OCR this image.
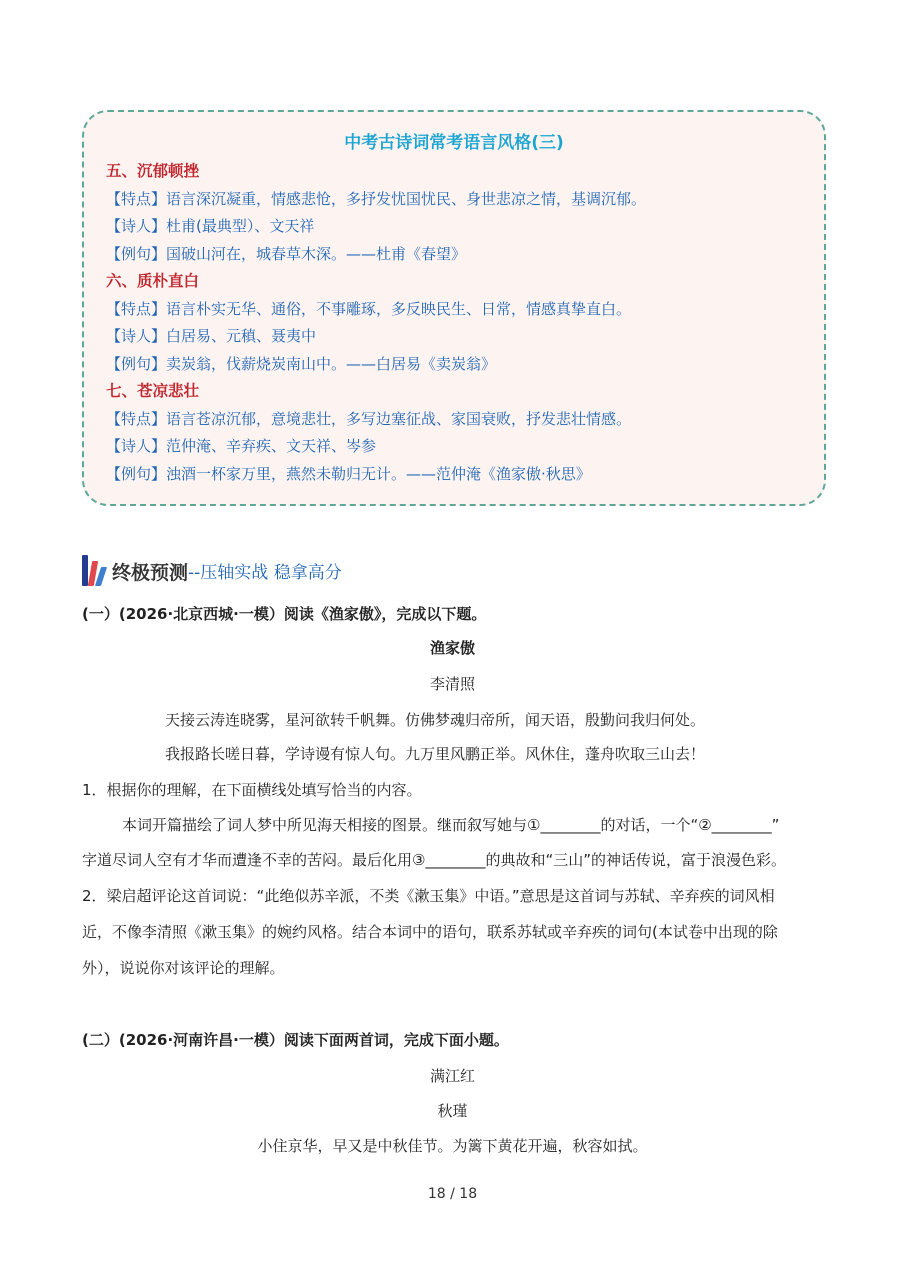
中考古诗词常考语言风格(三)
五、沉郁顿挫
【特点】语言深沉凝重，情感悲怆，多抒发忧国忧民、身世悲凉之情，基调沉郁。
【诗人】杜甫(最典型）、文天祥
【例句】国破山河在，城春草木深。——杜甫《春望》
六、质朴直白
【特点】语言朴实无华、通俗，不事雕琢，多反映民生、日常，情感真挚直白。
【诗人】白居易、元稹、聂夷中
【例句】卖炭翁，伐薪烧炭南山中。——白居易《卖炭翁》
七、苍凉悲壮
【特点】语言苍凉沉郁，意境悲壮，多写边塞征战、家国衰败，抒发悲壮情感。
【诗人】范仲淹、辛弃疾、文天祥、岑参
【例句】浊酒一杯家万里，燕然未勒归无计。——范仲淹《渔家傲·秋思》
终极预测 --压轴实战 稳拿高分
(一）(2026·北京西城·一模）阅读《渔家傲》，完成以下题。
渔家傲
李清照
天接云涛连晓雾，星河欲转千帆舞。仿佛梦魂归帝所，闻天语，殷勤问我归何处。
我报路长嗟日暮，学诗谩有惊人句。九万里风鹏正举。风休住，蓬舟吹取三山去！
1．根据你的理解，在下面横线处填写恰当的内容。
本词开篇描绘了词人梦中所见海天相接的图景。继而叙写她与①________的对话，一个“②________”
字道尽词人空有才华而遭逢不幸的苦闷。最后化用③________的典故和“三山”的神话传说，富于浪漫色彩。
2．梁启超评论这首词说：“此绝似苏辛派，不类《漱玉集》中语。”意思是这首词与苏轼、辛弃疾的词风相
近，不像李清照《漱玉集》的婉约风格。结合本词中的语句，联系苏轼或辛弃疾的词句(本试卷中出现的除
外），说说你对该评论的理解。
(二）(2026·河南许昌·一模）阅读下面两首词，完成下面小题。
满江红
秋瑾
小住京华，早又是中秋佳节。为篱下黄花开遍，秋容如拭。
18 / 18
